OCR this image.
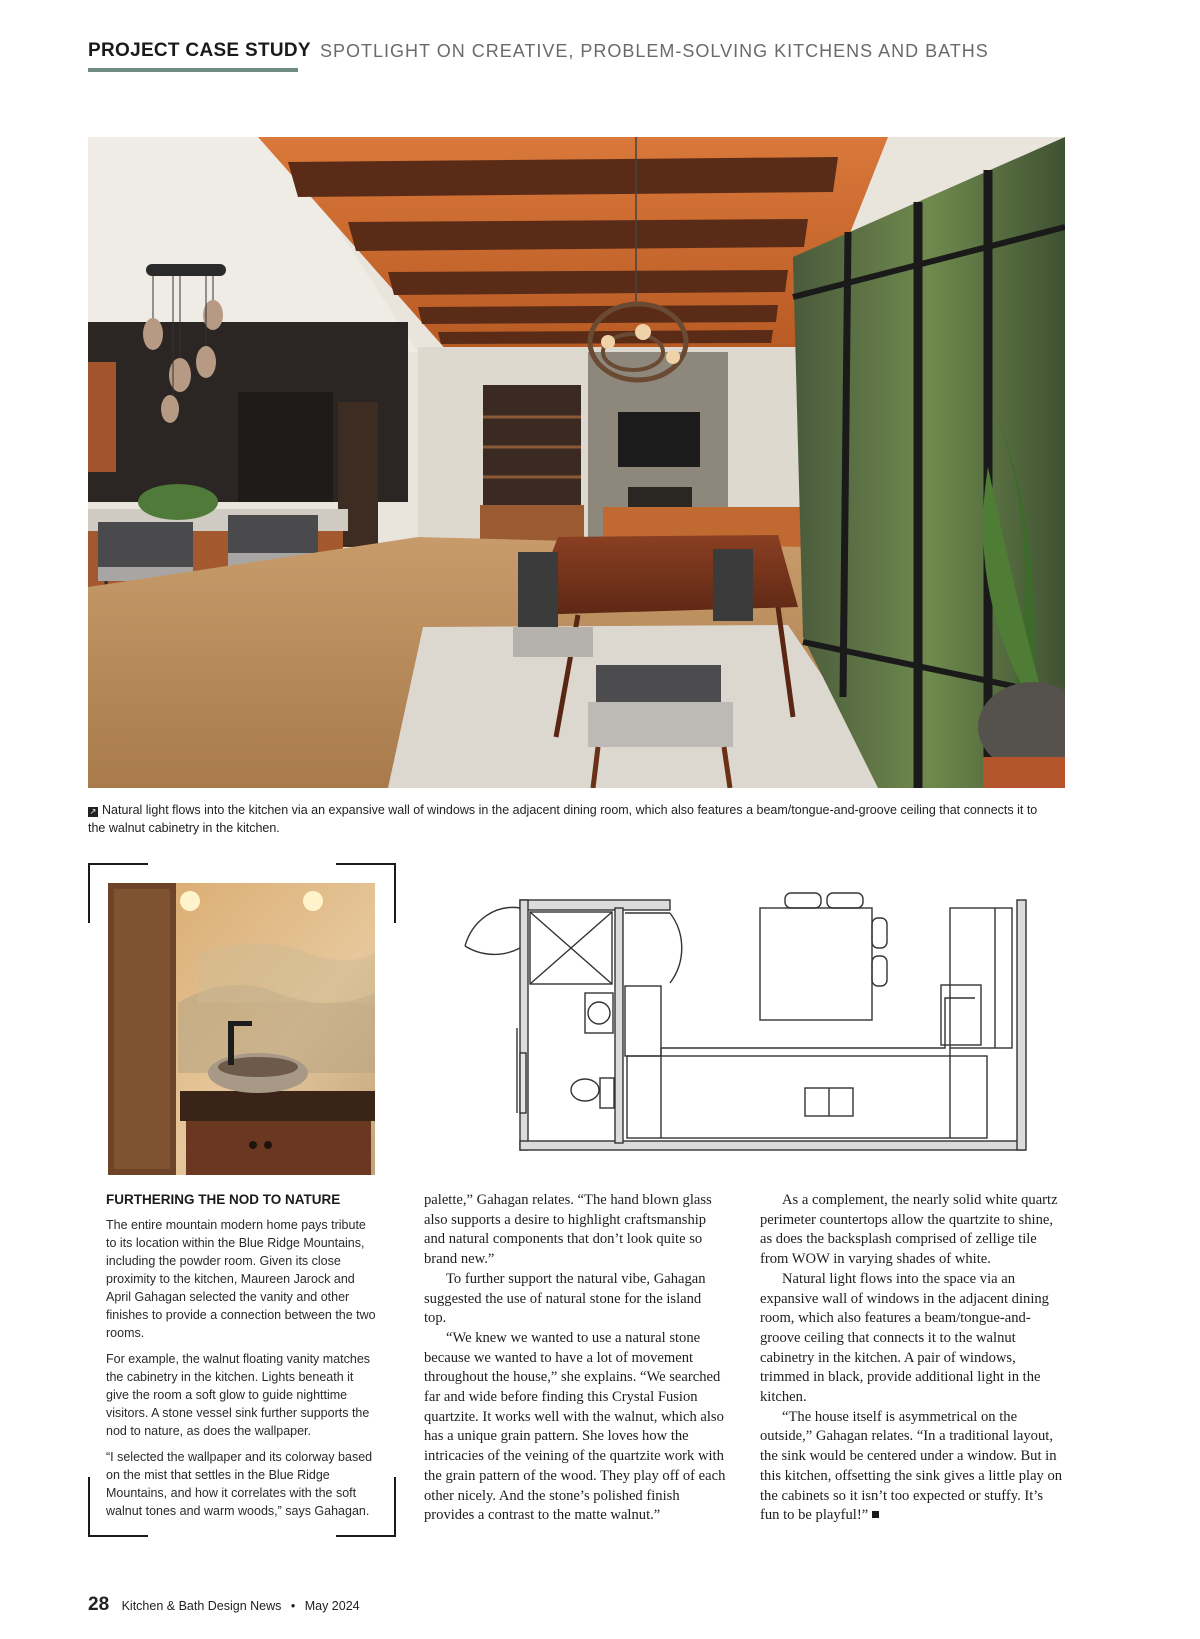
PROJECT CASE STUDY SPOTLIGHT ON CREATIVE, PROBLEM-SOLVING KITCHENS AND BATHS
↗ Natural light flows into the kitchen via an expansive wall of windows in the adjacent dining room, which also features a beam/tongue-and-groove ceiling that connects it to the walnut cabinetry in the kitchen.
FURTHERING THE NOD TO NATURE

The entire mountain modern home pays tribute to its location within the Blue Ridge Mountains, including the powder room. Given its close proximity to the kitchen, Maureen Jarock and April Gahagan selected the vanity and other finishes to provide a connection between the two rooms.

For example, the walnut floating vanity matches the cabinetry in the kitchen. Lights beneath it give the room a soft glow to guide nighttime visitors. A stone vessel sink further supports the nod to nature, as does the wallpaper.

“I selected the wallpaper and its colorway based on the mist that settles in the Blue Ridge Mountains, and how it correlates with the soft walnut tones and warm woods,” says Gahagan.

palette,” Gahagan relates. “The hand blown glass also supports a desire to highlight craftsmanship and natural components that don’t look quite so brand new.”

To further support the natural vibe, Gahagan suggested the use of natural stone for the island top.

“We knew we wanted to use a natural stone because we wanted to have a lot of movement throughout the house,” she explains. “We searched far and wide before finding this Crystal Fusion quartzite. It works well with the walnut, which also has a unique grain pattern. She loves how the intricacies of the veining of the quartzite work with the grain pattern of the wood. They play off of each other nicely. And the stone’s polished finish provides a contrast to the matte walnut.”

As a complement, the nearly solid white quartz perimeter countertops allow the quartzite to shine, as does the backsplash comprised of zellige tile from WOW in varying shades of white.

Natural light flows into the space via an expansive wall of windows in the adjacent dining room, which also features a beam/tongue-and-groove ceiling that connects it to the walnut cabinetry in the kitchen. A pair of windows, trimmed in black, provide additional light in the kitchen.

“The house itself is asymmetrical on the outside,” Gahagan relates. “In a traditional layout, the sink would be centered under a window. But in this kitchen, offsetting the sink gives a little play on the cabinets so it isn’t too expected or stuffy. It’s fun to be playful!”

28 Kitchen & Bath Design News • May 2024
